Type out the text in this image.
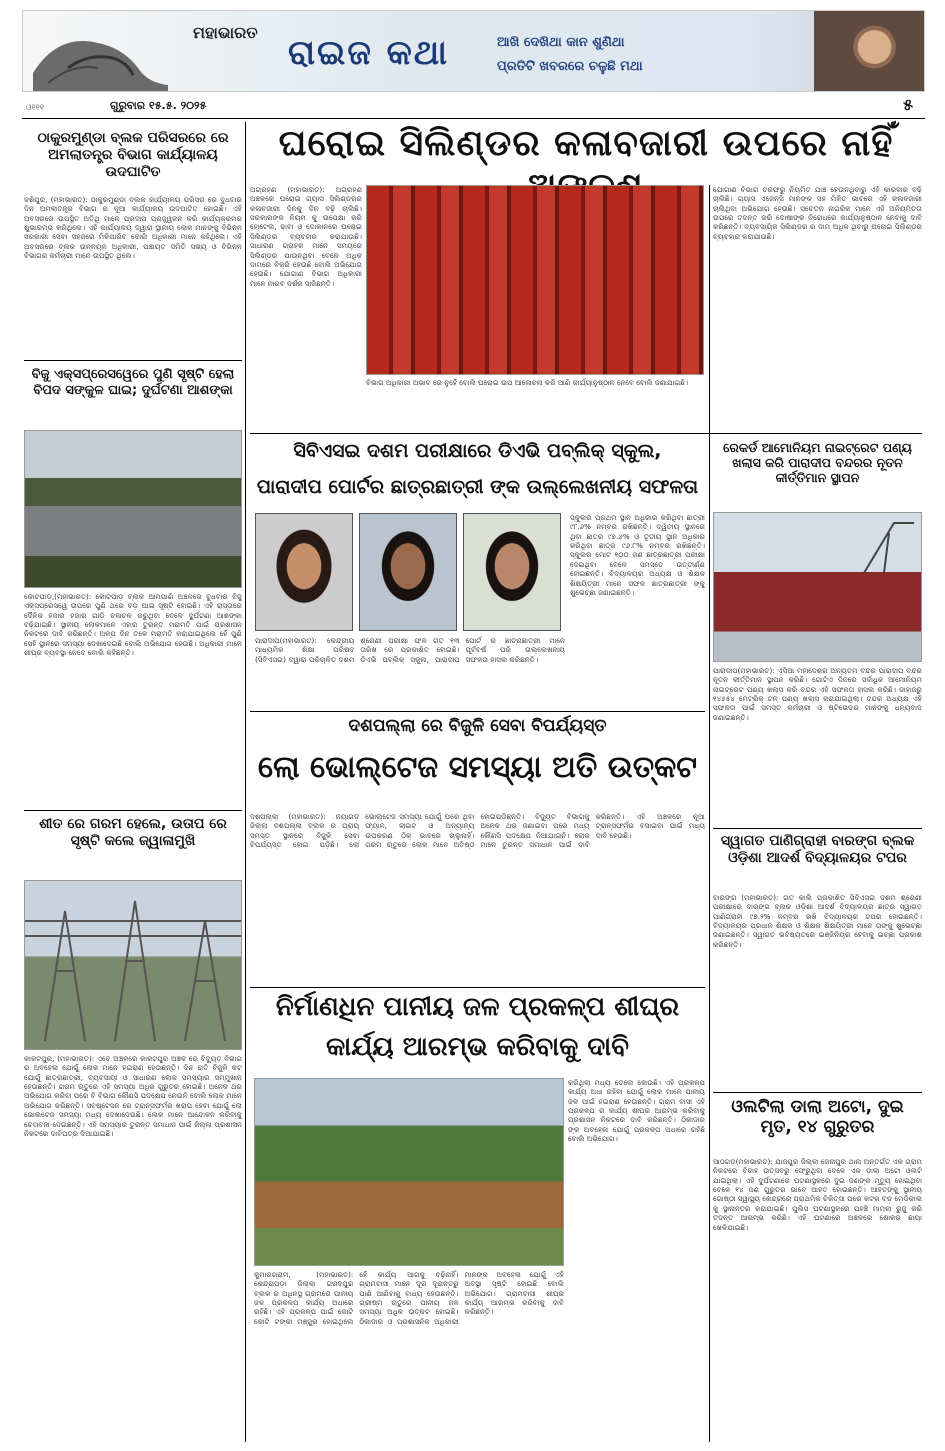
ମହାଭାରତ
ରାଇଜ କଥା	ଆଖି ଦେଖିଥା କାନ ଶୁଣିଥା
ପ୍ରତିଟି ଖବରରେ ଚଳୁଛି ମଥା
ଓ୧୧୧	ଗୁରୁବାର ୧୫.୫. ୨୦୨୫	୫
ଠାକୁରମୁଣ୍ଡା ବ୍ଲକ ପରିସରରେ ରେ ଅମଲାତନ୍ତ୍ର ବିଭାଗ କାର୍ଯ୍ୟାଳୟ ଉଦଘାଟିତ
ଜଶିପୁର, (ମହାଭାରତ): ଠାକୁରମୁଣ୍ଡା ବ୍ଲକ କାର୍ଯ୍ୟାଳୟ ପରିସର ରେ ବୁଧବାର ଦିନ ଅମଲାତନ୍ତ୍ର ବିଭାଗ ର ନୂଆ କାର୍ଯ୍ୟାଳୟ ଉଦଘାଟିତ ହୋଇଛି। ଏହି ଅବସରରେ ଉପସ୍ଥିତ ଅତିଥି ମାନେ ପ୍ରଦୀପ ପ୍ରଜ୍ଜ୍ୱଳନ କରି କାର୍ଯ୍ୟକ୍ରମର ଶୁଭାରମ୍ଭ କରିଥିଲେ। ଏହି କାର୍ଯ୍ୟାଳୟ ଦ୍ୱାରା ସ୍ଥାନୀୟ ଲୋକ ମାନଙ୍କୁ ବିଭିନ୍ନ ସରକାରୀ ସେବା ସହଜରେ ମିଳିପାରିବ ବୋଲି ଅଧିକାରୀ ମାନେ କହିଥିଲେ। ଏହି ଅବସରରେ ବ୍ଲକ ଉନ୍ନୟନ ଅଧିକାରୀ, ପଞ୍ଚାୟତ ସମିତି ସଭ୍ୟ ଓ ବିଭିନ୍ନ ବିଭାଗର କର୍ମଚାରୀ ମାନେ ଉପସ୍ଥିତ ଥିଲେ।
ବିଜୁ ଏକ୍ସପ୍ରେସୱେରେ ପୁଣି ସୃଷ୍ଟି ହେଲା ବିପଦ ସଙ୍କୁଳ ଘାଇ; ଦୁର୍ଘଟଣା ଆଶଙ୍କା
କୋଟପାଡ଼,(ମହାଭାରତ): କୋଟପାଡ଼ ବ୍ଲକ ଆମପାଣି ଅଞ୍ଚଳରେ ବୁଧବାର ବିଜୁ ଏକ୍ସପ୍ରେସୱେ ଉପରେ ପୁଣି ଥରେ ବଡ଼ ଘାଇ ସୃଷ୍ଟି ହୋଇଛି। ଏହି ରାସ୍ତାରେ ଦୈନିକ ହଜାର ହଜାର ଗାଡ଼ି ଚଳାଚଳ କରୁଥିବା ବେଳେ ଦୁର୍ଘଟଣା ଆଶଙ୍କା ବଢ଼ିଯାଇଛି। ସ୍ଥାନୀୟ ଲୋକମାନେ ଏହାର ତୁରନ୍ତ ମରାମତି ପାଇଁ ପ୍ରଶାସନ ନିକଟରେ ଦାବି କରିଛନ୍ତି। ଅଳ୍ପ ଦିନ ତଳେ ମରାମତି କରାଯାଇଥିଲେ ହେଁ ପୁଣି ସେହି ସ୍ଥାନରେ ସମସ୍ୟା ଦେଖାଦେଇଛି ବୋଲି ଅଭିଯୋଗ ହେଉଛି। ଅଧିକାରୀ ମାନେ ଶୀଘ୍ର ବ୍ୟବସ୍ଥା ନେବେ ବୋଲି କହିଛନ୍ତି।
ଶୀତ ରେ ଗରମ ହେଲେ, ଉତାପ ରେ ସୃଷ୍ଟି କଲେ ଜ୍ୱାଳାମୁଖି
କାକଟପୁର, (ମହାଭାରତ): ଏବେ ଅଞ୍ଚଳରେ କାକଟପୁର ଅଞ୍ଚଳ ରେ ବିଦ୍ୟୁତ ବିଭାଗ ର ଅବହେଳା ଯୋଗୁଁ ଲୋକ ମାନେ ହଇରାଣ ହେଉଛନ୍ତି। ଦିନ ରାତି ବିଜୁଳି କଟ୍ ଯୋଗୁଁ ଛାତ୍ରଛାତ୍ରୀ, ବ୍ୟବସାୟୀ ଓ ସାଧାରଣ ଲୋକ ସମସ୍ୟାର ସମ୍ମୁଖୀନ ହେଉଛନ୍ତି। ଗରମ ଋତୁରେ ଏହି ସମସ୍ୟା ଅଧିକ ଗୁରୁତର ହୋଇଛି। ଅନେକ ଥର ଅଭିଯୋଗ କରିବା ପରେ ବି ବିଭାଗ କୌଣସି ପଦକ୍ଷେପ ନେଉନି ବୋଲି ଲୋକ ମାନେ ଅଭିଯୋଗ କରିଛନ୍ତି। ସବଷ୍ଟେସନ ରେ ଟ୍ରାନ୍ସଫର୍ମର ଖରାପ ହେବା ଯୋଗୁଁ ଲୋ ଭୋଲଟେଜ ସମସ୍ୟା ମଧ୍ୟ ଦେଖାଦେଉଛି। ଲୋକ ମାନେ ଆନ୍ଦୋଳନ କରିବାକୁ ଚେତାବନୀ ଦେଇଛନ୍ତି। ଏହି ସମସ୍ୟାର ତୁରନ୍ତ ସମାଧାନ ପାଇଁ ଜିଲ୍ଲା ପ୍ରଶାସନ ନିକଟରେ ଦାବିପତ୍ର ଦିଆଯାଇଛି।
ଘରୋଇ ସିଲିଣ୍ଡର କଳାବଜାରୀ ଉପରେ ନାହିଁ
ଅଗ୍ରହଣ (ମହାଭାରତ): ଅଗ୍ରହଣ ଅଞ୍ଚଳରେ ଘରୋଇ ଗ୍ୟାସ ସିଲିଣ୍ଡରର କଳାବଜାରୀ ଦିନକୁ ଦିନ ବଢ଼ି ଚାଲିଛି। ସରକାରଙ୍କ ନିୟମ କୁ ଉପେକ୍ଷା କରି ହୋଟେଲ, ଢାବା ଓ ଦୋକାନରେ ଘରୋଇ ସିଲିଣ୍ଡର ବ୍ୟବହାର କରାଯାଉଛି। ସାଧାରଣ ଗ୍ରାହକ ମାନେ ସମୟରେ ସିଲିଣ୍ଡର ପାଉନଥିବା ବେଳେ ଅଧିକ ଦାମରେ ବିକ୍ରି ହେଉଛି ବୋଲି ଅଭିଯୋଗ ହେଉଛି। ଯୋଗାଣ ବିଭାଗ ଅଧିକାରୀ ମାନେ ନୀରବ ଦର୍ଶକ ସାଜିଛନ୍ତି।
ବିଭାଗ ଅଧିକାରୀ ଅଭାବ ରେ ନୁହେଁ ବୋଲି ଘରୋଇ ଉପ ଆଲୋଚନା କରି ଆଣି କାର୍ଯ୍ୟାନୁଷ୍ଠାନ ନେବେ ବୋଲି ଜଣାଯାଇଛି।
ଯୋଗାଣ ବିଭାଗ ତରଫରୁ ନିୟମିତ ଯାଞ୍ଚ ହେଉନଥିବାରୁ ଏହି କାରବାର ବଢ଼ି ଚାଲିଛି। ଗ୍ୟାସ ଏଜେନ୍ସି ମାନଙ୍କ ସହ ମିଳିତ ଭାବରେ ଏହି କଳାବଜାରୀ ଚାଲିଥିବା ଅଭିଯୋଗ ହେଉଛି। ସଚେତନ ନାଗରିକ ମାନେ ଏହି ଅନିୟମିତତା ଉପରେ ତଦନ୍ତ କରି ଦୋଷୀଙ୍କ ବିରୋଧରେ କାର୍ଯ୍ୟାନୁଷ୍ଠାନ ନେବାକୁ ଦାବି କରିଛନ୍ତି। ବ୍ୟବସାୟିକ ସିଲିଣ୍ଡର ର ଦାମ ଅଧିକ ଥିବାରୁ ଘରୋଇ ସିଲିଣ୍ଡର ବ୍ୟବହାର କରାଯାଉଛି।
ସିବିଏସଇ ଦଶମ ପରୀକ୍ଷାରେ ଡିଏଭି ପବ୍ଲିକ୍ ସ୍କୁଲ,
ପାରାଦୀପ ପୋର୍ଟର ଛାତ୍ରଛାତ୍ରୀ ଙ୍କ ଉଲ୍ଲେଖନୀୟ ସଫଳତା
ପାରାଦୀପ(ମହାଭାରତ): କେନ୍ଦ୍ରୀୟ ମାଧ୍ୟମିକ ଶିକ୍ଷା ପରିଷଦ (ସିବିଏସଇ) ଦ୍ୱାରା ପରିଚାଳିତ ଦଶମ ଶ୍ରେଣୀ ପରୀକ୍ଷା ଫଳ ଗତ ୧୩ ତାରିଖ ରେ ପ୍ରକାଶିତ ହୋଇଛି। ଡିଏଭି ପବ୍ଲିକ୍ ସ୍କୁଲ, ପାରାଦୀପ ପୋର୍ଟ ର ଛାତ୍ରଛାତ୍ରୀ ମାନେ ପୂର୍ବବର୍ଷ ପରି ଉଲ୍ଲେଖନୀୟ ସଫଳତା ହାସଲ କରିଛନ୍ତି।
ସ୍କୁଲର ପ୍ରଥମ ସ୍ଥାନ ଅଧିକାର କରିଥିବା ଛାତ୍ରୀ ୯୮.୬% ନମ୍ବର ରଖିଛନ୍ତି। ଦ୍ୱିତୀୟ ସ୍ଥାନରେ ଥିବା ଛାତ୍ର ୯୭.୬% ଓ ତୃତୀୟ ସ୍ଥାନ ଅଧିକାର କରିଥିବା ଛାତ୍ର ୯୬.୮% ନମ୍ବର ରଖିଛନ୍ତି। ସ୍କୁଲର ମୋଟ ୧୦୦ ଜଣ ଛାତ୍ରଛାତ୍ରୀ ପରୀକ୍ଷା ଦେଇଥିବା ବେଳେ ସମସ୍ତେ ଉତ୍ତୀର୍ଣ୍ଣ ହୋଇଛନ୍ତି। ବିଦ୍ୟାଳୟର ଅଧ୍ୟକ୍ଷ ଓ ଶିକ୍ଷକ ଶିକ୍ଷୟିତ୍ରୀ ମାନେ ସଫଳ ଛାତ୍ରଛାତ୍ରୀ ଙ୍କୁ ଶୁଭେଚ୍ଛା ଜଣାଇଛନ୍ତି।
ରେକର୍ଡ ଆମୋନିୟମ ନାଇଟ୍ରେଟ ପଣ୍ୟ ଖଲାସ କରି ପାରାଦୀପ ବନ୍ଦରର ନୂତନ କୀର୍ତ୍ତିମାନ ସ୍ଥାପନ
ପାରାଦୀପ(ମହାଭାରତ): ଏସିଆ ମହାଦେଶର ଅନ୍ୟତମ ବନ୍ଦର ପାରାଦୀପ ବନ୍ଦର ନୂତନ କୀର୍ତ୍ତିମାନ ସ୍ଥାପନ କରିଛି। ଗୋଟିଏ ଦିନରେ ସର୍ବାଧିକ ଆମୋନିୟମ ନାଇଟ୍ରେଟ ପଣ୍ୟ ଖଲାସ କରି ବନ୍ଦର ଏହି ସଫଳତା ହାସଲ କରିଛି। ଜାହାଜରୁ ୧୪୫୫୪ ମେଟ୍ରିକ୍ ଟନ୍ ପଣ୍ୟ ଖଲାସ କରାଯାଇଥିଲା। ବନ୍ଦର ଅଧ୍ୟକ୍ଷ ଏହି ସଫଳତା ପାଇଁ ସମସ୍ତ କର୍ମଚାରୀ ଓ ଷ୍ଟିଭେଡର ମାନଙ୍କୁ ଧନ୍ୟବାଦ ଜଣାଇଛନ୍ତି।
ସ୍ୱାଗତ ପାଣିଗ୍ରାହୀ ବାରଙ୍ଗ ବ୍ଲକ ଓଡ଼ିଶା ଆଦର୍ଶ ବିଦ୍ୟାଳୟର ଟପର
ବାରଙ୍ଗ (ମହାଭାରତ): ଗତ କାଲି ପ୍ରକାଶିତ ସିବିଏସଇ ଦଶମ ଶ୍ରେଣୀ ପରୀକ୍ଷାରେ ବାରଙ୍ଗ ବ୍ଲକ ଓଡ଼ିଶା ଆଦର୍ଶ ବିଦ୍ୟାଳୟର ଛାତ୍ର ସ୍ୱାଗତ ପାଣିଗ୍ରାହୀ ୯୭.୨% ନମ୍ବର ରଖି ବିଦ୍ୟାଳୟର ଟପର ହୋଇଛନ୍ତି। ବିଦ୍ୟାଳୟର ପ୍ରଧାନ ଶିକ୍ଷକ ଓ ଶିକ୍ଷକ ଶିକ୍ଷୟିତ୍ରୀ ମାନେ ତାଙ୍କୁ ଶୁଭେଚ୍ଛା ଜଣାଇଛନ୍ତି। ସ୍ୱାଗତ ଭବିଷ୍ୟତରେ ଇଞ୍ଜିନିୟର ହେବାକୁ ଇଚ୍ଛା ପ୍ରକାଶ କରିଛନ୍ତି।
ଓଲଟିଲା ଡାଲା ଅଟୋ, ଦୁଇ ମୃତ, ୧୪ ଗୁରୁତର
ଆଠଗଡ଼(ମହାଭାରତ): ଯାଜପୁର ଜିଲ୍ଲା ଜେନାପୁର ଥାନା ଅନ୍ତର୍ଗତ ଏକ ଗ୍ରାମ ନିକଟରେ ବିବାହ ଉତ୍ସବରୁ ଫେରୁଥିବା ବେଳେ ଏକ ଡାଲା ଅଟୋ ଓଲଟି ଯାଇଥିଲା। ଏହି ଦୁର୍ଘଟଣାରେ ଘଟଣାସ୍ଥଳରେ ଦୁଇ ଜଣଙ୍କ ମୃତ୍ୟୁ ହୋଇଥିବା ବେଳେ ୧୪ ଜଣ ଗୁରୁତର ଭାବେ ଆହତ ହୋଇଛନ୍ତି। ଆହତଙ୍କୁ ସ୍ଥାନୀୟ ଗୋଷ୍ଠୀ ସ୍ୱାସ୍ଥ୍ୟ କେନ୍ଦ୍ରରେ ପ୍ରାଥମିକ ଚିକିତ୍ସା ପରେ କଟକ ବଡ଼ ମେଡିକାଲ କୁ ସ୍ଥାନାନ୍ତର କରାଯାଇଛି। ପୁଲିସ ଘଟଣାସ୍ଥଳରେ ପହଞ୍ଚି ମାମଲା ରୁଜୁ କରି ତଦନ୍ତ ଆରମ୍ଭ କରିଛି। ଏହି ଘଟଣାରେ ଅଞ୍ଚଳରେ ଶୋକର ଛାୟା ଖେଳିଯାଇଛି।
ଦଶପଲ୍ଲା ରେ ବିଜୁଳି ସେବା ବିପର୍ଯ୍ୟସ୍ତ
ଲୋ ଭୋଲ୍ଟେଜ ସମସ୍ୟା ଅତି ଉତ୍କଟ
ଦଶପଲ୍ଲା (ମହାଭାରତ): ନୟାଗଡ଼ ଜିଲ୍ଲା ଦଶପଲ୍ଲା ବ୍ଲକ ର ପ୍ରାୟ ସମସ୍ତ ସ୍ଥାନରେ ବିଜୁଳି ସେବା ବିପର୍ଯ୍ୟସ୍ତ ହୋଇ ପଡ଼ିଛି। ଲୋ ଭୋଲ୍ଟେଜ ସମସ୍ୟା ଯୋଗୁଁ ଘରେ ଥିବା ଫ୍ୟାନ, ଲାଇଟ ଓ ଅନ୍ୟାନ୍ୟ ଉପକରଣ ଠିକ୍ ଭାବରେ ଚାଲୁନାହିଁ। ଗରମ ଋତୁରେ ଲୋକ ମାନେ ଅତିଷ୍ଠ ହୋଇପଡ଼ିଛନ୍ତି। ବିଦ୍ୟୁତ ବିଭାଗକୁ ଅନେକ ଥର ଜଣାଇବା ପରେ ମଧ୍ୟ କୌଣସି ପଦକ୍ଷେପ ନିଆଯାଇନି। ଲୋକ ମାନେ ତୁରନ୍ତ ସମାଧାନ ପାଇଁ ଦାବି କରିଛନ୍ତି। ଏହି ଅଞ୍ଚଳରେ ନୂଆ ଟ୍ରାନ୍ସଫର୍ମର ବସାଇବା ପାଇଁ ମଧ୍ୟ ଦାବି ହେଉଛି।
ନିର୍ମାଣଧିନ ପାନୀୟ ଜଳ ପ୍ରକଳ୍ପ ଶୀଘ୍ର
କାର୍ଯ୍ୟ ଆରମ୍ଭ କରିବାକୁ ଦାବି
କରିଥିଲା ମଧ୍ୟ ତେଲେ ଲେଉଛି। ଏହି ପ୍ରକଳ୍ପ କାର୍ଯ୍ୟ ଅଧା ରହିବା ଯୋଗୁଁ ଲୋକ ମାନେ ପାନୀୟ ଜଳ ପାଇଁ ହଇରାଣ ହେଉଛନ୍ତି। ଗ୍ରାମ ବାସୀ ଏହି ପ୍ରକଳ୍ପ ର କାର୍ଯ୍ୟ ଶୀଘ୍ର ଆରମ୍ଭ କରିବାକୁ ପ୍ରଶାସନ ନିକଟରେ ଦାବି କରିଛନ୍ତି। ଠିକାଦାର ଙ୍କ ଅବହେଳା ଯୋଗୁଁ ପ୍ରକଳ୍ପ ଅଧାରେ ରହିଛି ବୋଲି ଅଭିଯୋଗ।
କୁମାରଗ୍ରାମ, (ମହାଭାରତ): କେନ୍ଦ୍ରାପଡ଼ା ଜିଲ୍ଲା ଗରଦପୁର ବ୍ଲକ ର ଅଧିନସ୍ଥ ଗ୍ରାମରେ ପାନୀୟ ଜଳ ପ୍ରକଳ୍ପ କାର୍ଯ୍ୟ ଅଧାରେ ରହିଛି। ଏହି ପ୍ରକଳ୍ପ ପାଇଁ କୋଟି କୋଟି ଟଙ୍କା ମଞ୍ଜୁର ହୋଇଥିଲେ ହେଁ କାର୍ଯ୍ୟ ଆଗକୁ ବଢ଼ିନାହିଁ। ଗ୍ରାମବାସୀ ମାନେ ଦୂର ଦୂରାନ୍ତରୁ ପାଣି ଆଣିବାକୁ ବାଧ୍ୟ ହେଉଛନ୍ତି। ଗ୍ରୀଷ୍ମ ଋତୁରେ ପାନୀୟ ଜଳ ସମସ୍ୟା ଅଧିକ ଉତ୍କଟ ହୋଇଛି। ଠିକାଦାର ଓ ପ୍ରଶାସନିକ ଅଧିକାରୀ ମାନଙ୍କ ଅବହେଳା ଯୋଗୁଁ ଏହି ଅବସ୍ଥା ସୃଷ୍ଟି ହୋଇଛି ବୋଲି ଅଭିଯୋଗ। ଗ୍ରାମବାସୀ ଶୀଘ୍ର କାର୍ଯ୍ୟ ଆରମ୍ଭ କରିବାକୁ ଦାବି କରିଛନ୍ତି।
